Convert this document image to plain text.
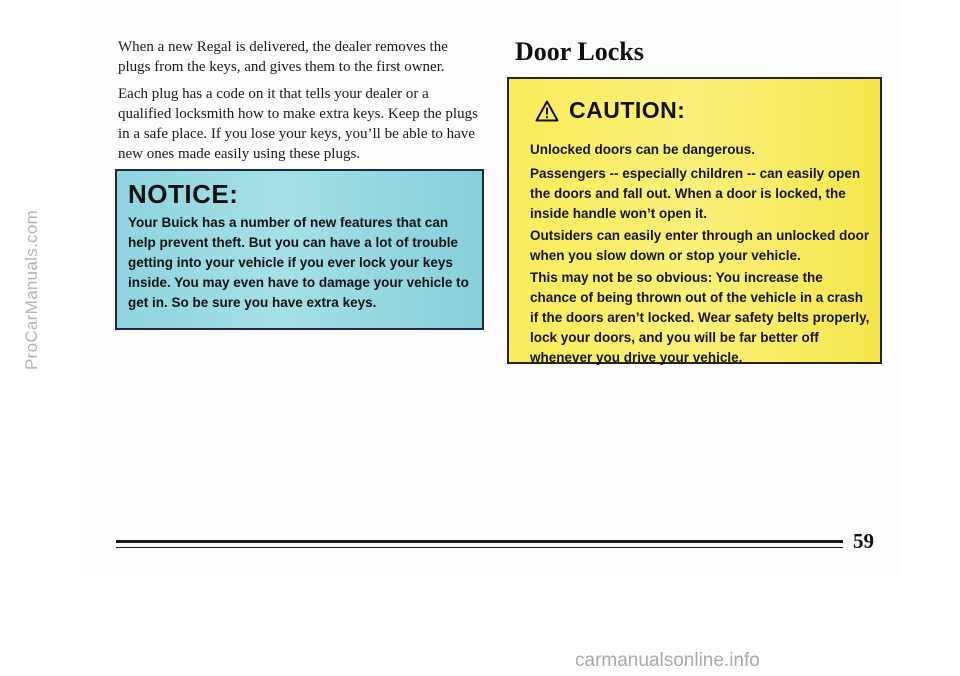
ProCarManuals.com

When a new Regal is delivered, the dealer removes the plugs from the keys, and gives them to the first owner.

Each plug has a code on it that tells your dealer or a qualified locksmith how to make extra keys. Keep the plugs in a safe place. If you lose your keys, you’ll be able to have new ones made easily using these plugs.

NOTICE:

Your Buick has a number of new features that can help prevent theft. But you can have a lot of trouble getting into your vehicle if you ever lock your keys inside. You may even have to damage your vehicle to get in. So be sure you have extra keys.

Door Locks
CAUTION:

Unlocked doors can be dangerous.

Passengers -- especially children -- can easily open the doors and fall out. When a door is locked, the inside handle won’t open it.

Outsiders can easily enter through an unlocked door when you slow down or stop your vehicle.

This may not be so obvious: You increase the chance of being thrown out of the vehicle in a crash if the doors aren’t locked. Wear safety belts properly, lock your doors, and you will be far better off whenever you drive your vehicle.

59

carmanualsonline.info
